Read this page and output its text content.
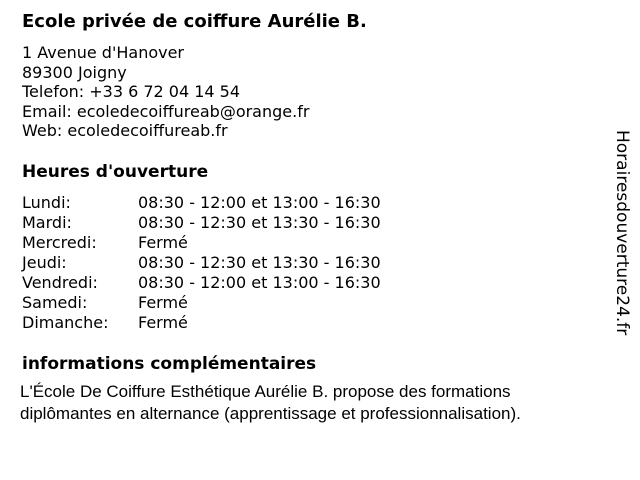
Ecole privée de coiffure Aurélie B.
1 Avenue d'Hanover
89300 Joigny
Telefon: +33 6 72 04 14 54
Email: ecoledecoiffureab@orange.fr
Web: ecoledecoiffureab.fr
Heures d'ouverture
Lundi:	08:30 - 12:00 et 13:00 - 16:30
Mardi:	08:30 - 12:30 et 13:30 - 16:30
Mercredi:	Fermé
Jeudi:	08:30 - 12:30 et 13:30 - 16:30
Vendredi:	08:30 - 12:00 et 13:00 - 16:30
Samedi:	Fermé
Dimanche: Fermé
informations complémentaires
L'École De Coiffure Esthétique Aurélie B. propose des formations
diplômantes en alternance (apprentissage et professionnalisation).
Horairesdouverture24.fr
